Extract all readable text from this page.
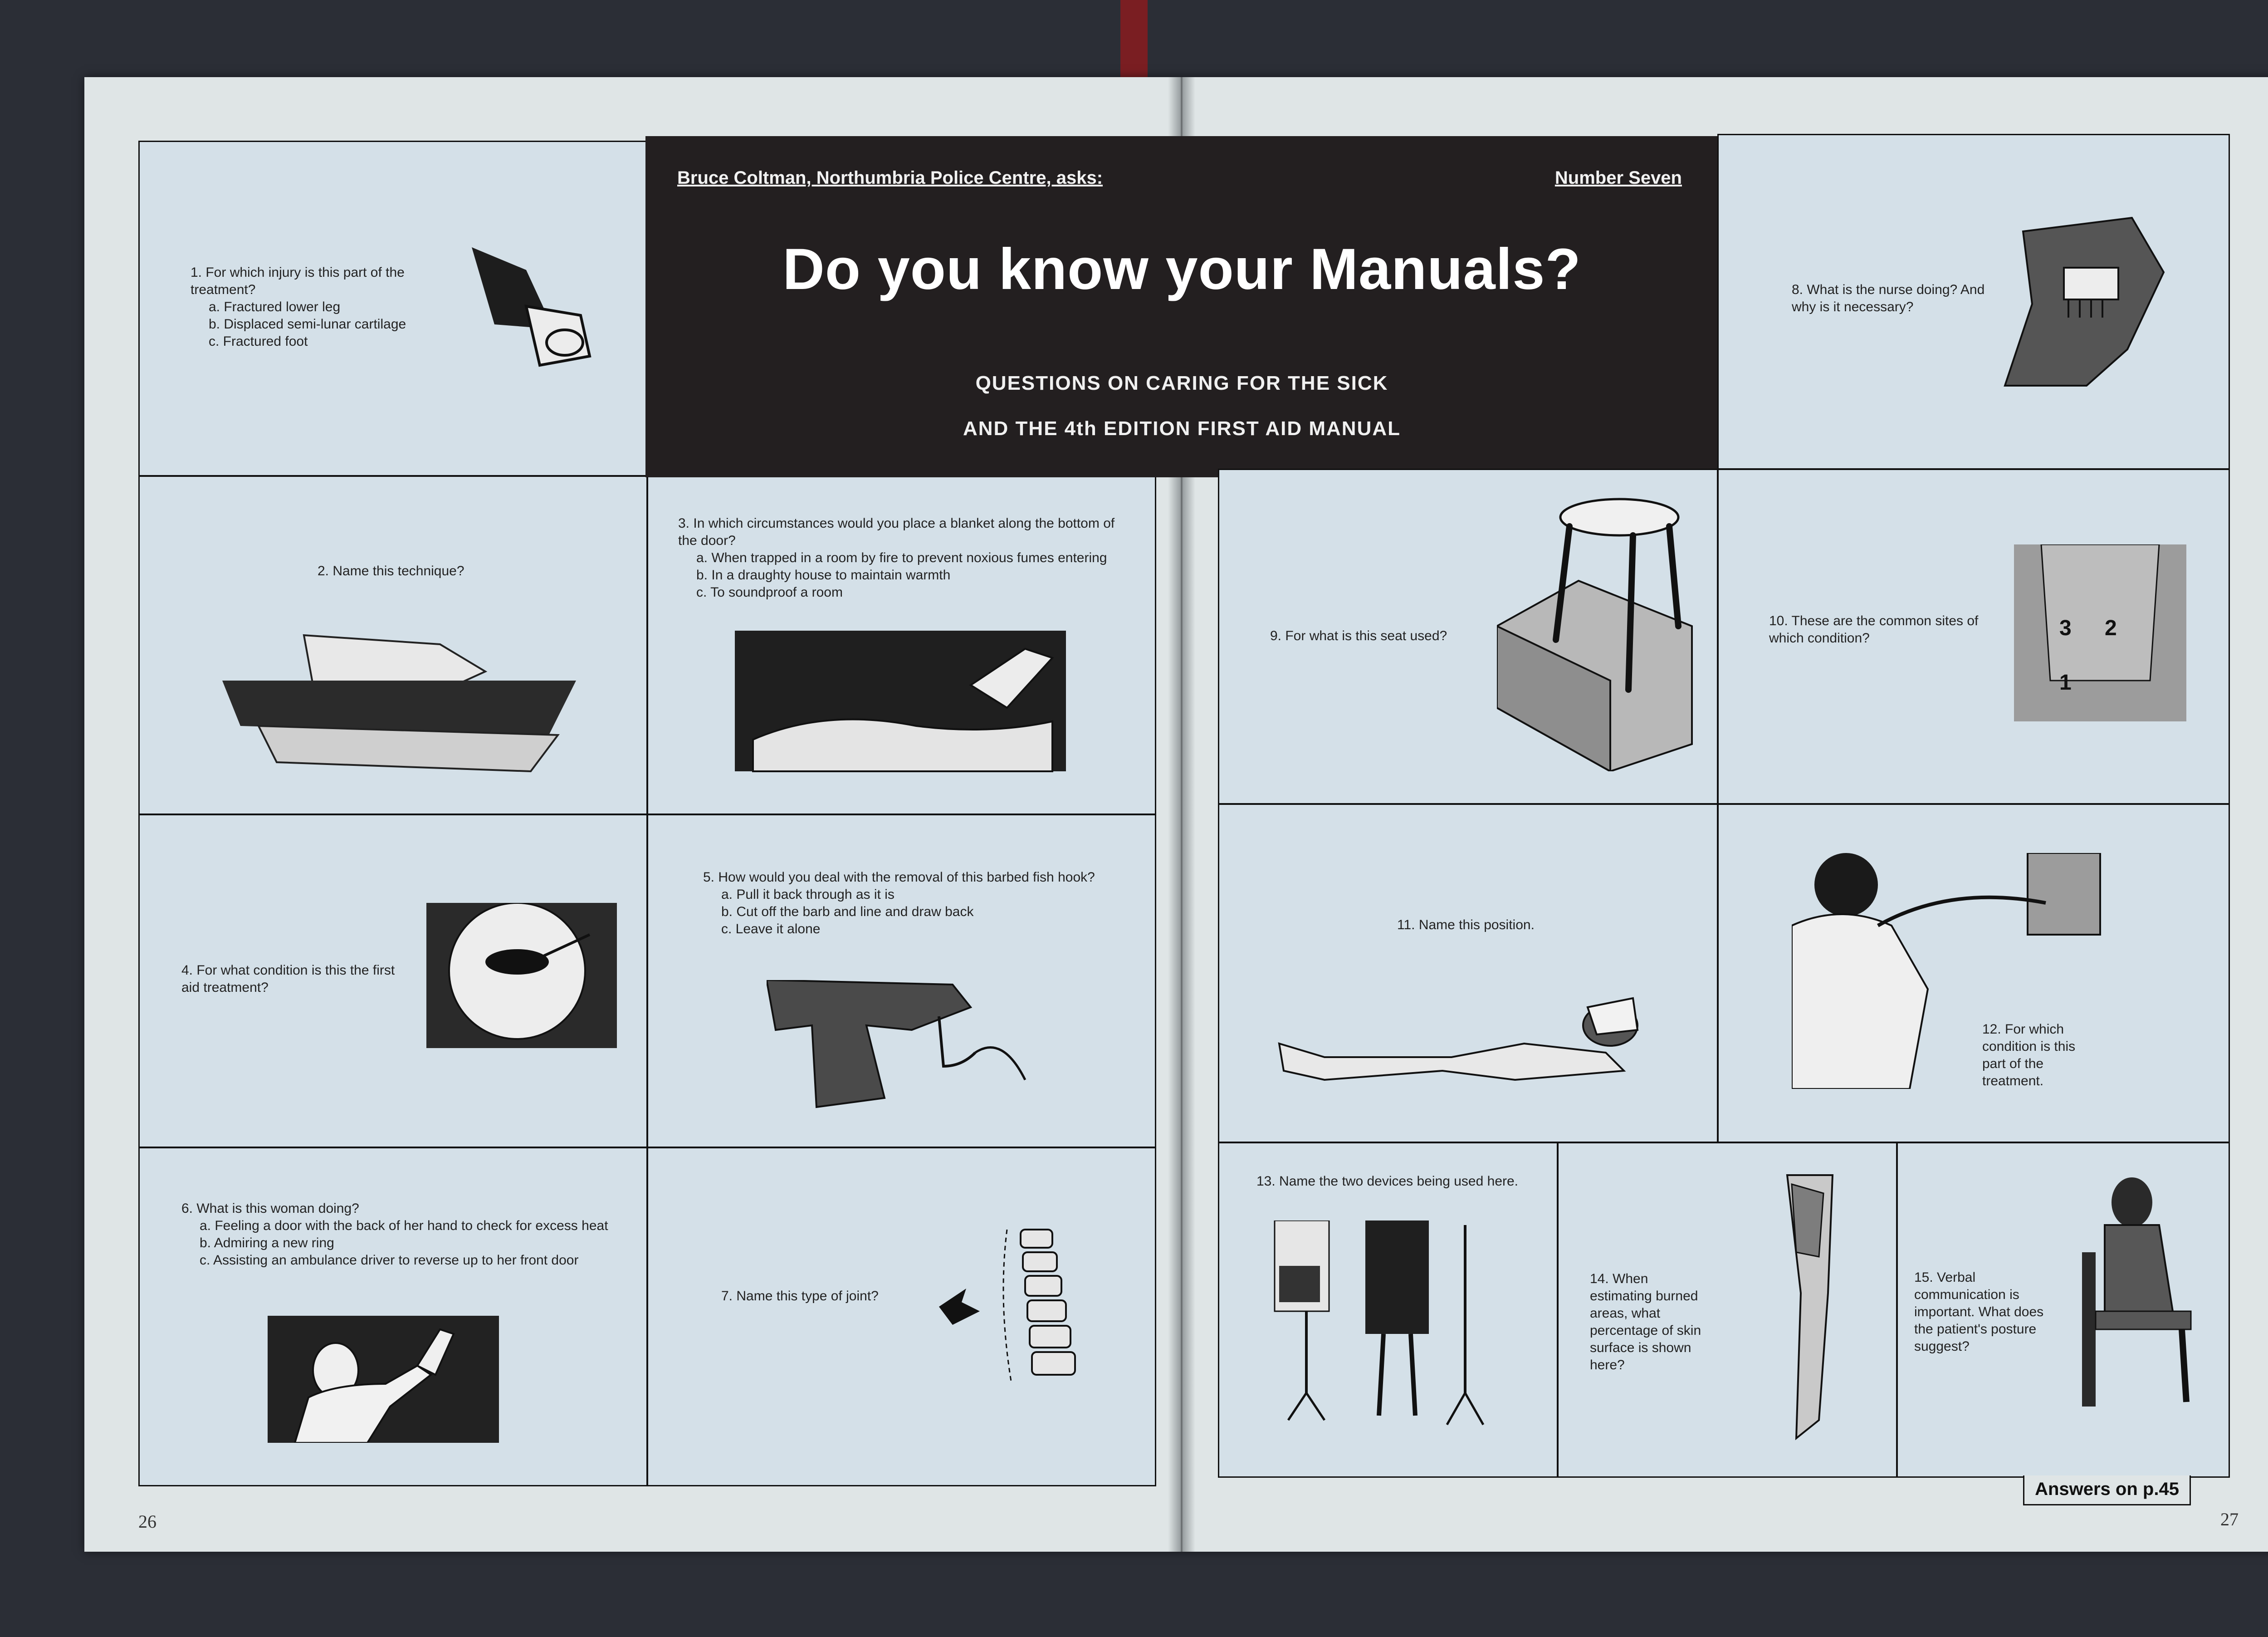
1. For which injury is this part of the treatment?
a. Fractured lower leg
b. Displaced semi-lunar cartilage
c. Fractured foot
2. Name this technique?
3. In which circumstances would you place a blanket along the bottom of the door?
a. When trapped in a room by fire to prevent noxious fumes entering
b. In a draughty house to maintain warmth
c. To soundproof a room
4. For what condition is this the first aid treatment?
5. How would you deal with the removal of this barbed fish hook?
a. Pull it back through as it is
b. Cut off the barb and line and draw back
c. Leave it alone
6. What is this woman doing?
a. Feeling a door with the back of her hand to check for excess heat
b. Admiring a new ring
c. Assisting an ambulance driver to reverse up to her front door
7. Name this type of joint?
Bruce Coltman, Northumbria Police Centre, asks:	Number Seven
Do you know your Manuals?
QUESTIONS ON CARING FOR THE SICK
AND THE 4th EDITION FIRST AID MANUAL
8. What is the nurse doing? And why is it necessary?
9. For what is this seat used?
10. These are the common sites of which condition?	3 2
1
11. Name this position.
12. For which condition is this part of the treatment.
13. Name the two devices being used here.
14. When estimating burned areas, what percentage of skin surface is shown here?
15. Verbal communication is important. What does the patient's posture suggest?
26	27
Answers on p.45
